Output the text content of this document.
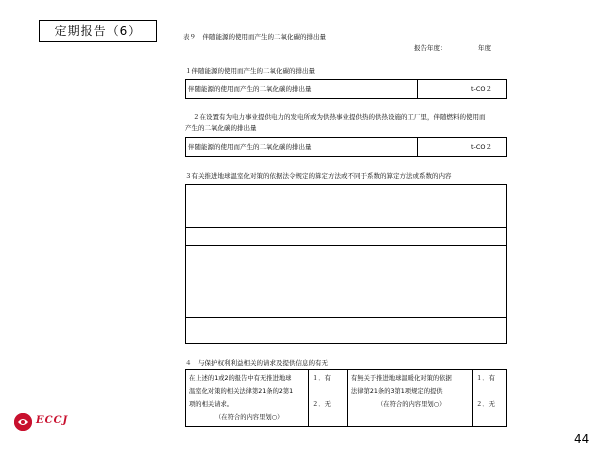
定期报告（6）	表９　伴随能源的使用而产生的二氧化碳的排出量
报告年度：	年度
１伴随能源的使用而产生的二氧化碳的排出量
伴随能源的使用而产生的二氧化碳的排出量	t-CO２
２在设置有为电力事业提供电力的发电所或为供热事业提供热的供热设施的工厂里，伴随燃料的使用而
产生的二氧化碳的排出量
伴随能源的使用而产生的二氧化碳的排出量	t-CO２
３有关推进地球温室化对策的依据法令规定的算定方法或不同于系数的算定方法或系数的内容
４　与保护权利利益相关的请求及提供信息的有无
在上述的1或2的报告中有无推进地球
温室化对策的相关法律第21条的2第1
项的相关请求。
（在符合的内容里划○）

１．有
２．无

有無关于推进地球温暖化对策的依据
法律第21条的3第1项规定的提供
（在符合的内容里划○）

１．有
２．无
ECCJ
44
